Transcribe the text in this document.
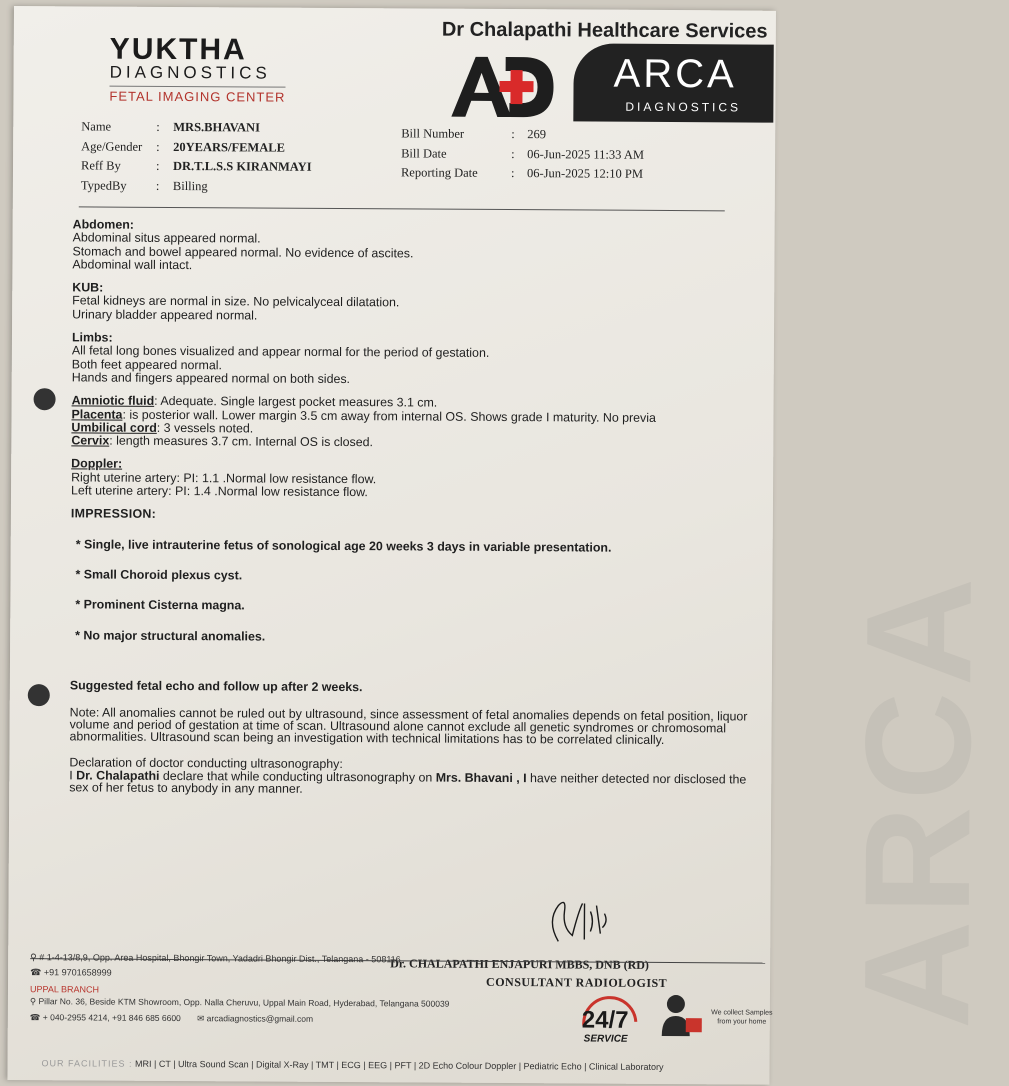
ARCA
YUKTHA
DIAGNOSTICS
FETAL IMAGING CENTER
Dr Chalapathi Healthcare Services
ARCA
DIAGNOSTICS
Name	:	MRS.BHAVANI
Age/Gender	:	20YEARS/FEMALE
Reff By	:	DR.T.L.S.S KIRANMAYI
TypedBy	:	Billing
Bill Number	: 269
Bill Date	: 06-Jun-2025 11:33 AM
Reporting Date	: 06-Jun-2025 12:10 PM
Abdomen:
Abdominal situs appeared normal.
Stomach and bowel appeared normal. No evidence of ascites.
Abdominal wall intact.
KUB:
Fetal kidneys are normal in size. No pelvicalyceal dilatation.
Urinary bladder appeared normal.
Limbs:
All fetal long bones visualized and appear normal for the period of gestation.
Both feet appeared normal.
Hands and fingers appeared normal on both sides.
Amniotic fluid: Adequate. Single largest pocket measures 3.1 cm.
Placenta: is posterior wall. Lower margin 3.5 cm away from internal OS. Shows grade I maturity. No previa
Umbilical cord: 3 vessels noted.
Cervix: length measures 3.7 cm. Internal OS is closed.
Doppler:
Right uterine artery: PI: 1.1 .Normal low resistance flow.
Left uterine artery: PI: 1.4 .Normal low resistance flow.
IMPRESSION:
* Single, live intrauterine fetus of sonological age 20 weeks 3 days in variable presentation.
* Small Choroid plexus cyst.
* Prominent Cisterna magna.
* No major structural anomalies.
Suggested fetal echo and follow up after 2 weeks.
Note: All anomalies cannot be ruled out by ultrasound, since assessment of fetal anomalies depends on fetal position, liquor volume and period of gestation at time of scan. Ultrasound alone cannot exclude all genetic syndromes or chromosomal abnormalities. Ultrasound scan being an investigation with technical limitations has to be correlated clinically.
Declaration of doctor conducting ultrasonography:
I Dr. Chalapathi declare that while conducting ultrasonography on Mrs. Bhavani , I have neither detected nor disclosed the sex of her fetus to anybody in any manner.
Dr. CHALAPATHI ENJAPURI MBBS, DNB (RD)
CONSULTANT RADIOLOGIST
⚲ # 1-4-13/8,9, Opp. Area Hospital, Bhongir Town, Yadadri Bhongir Dist., Telangana - 508116
☎ +91 9701658999
UPPAL BRANCH
⚲ Pillar No. 36, Beside KTM Showroom, Opp. Nalla Cheruvu, Uppal Main Road, Hyderabad, Telangana 500039
☎ + 040-2955 4214, +91 846 685 6600 ✉ arcadiagnostics@gmail.com	24/7
SERVICE
We collect Samples from your home
OUR FACILITIES : MRI | CT | Ultra Sound Scan | Digital X-Ray | TMT | ECG | EEG | PFT | 2D Echo Colour Doppler | Pediatric Echo | Clinical Laboratory
